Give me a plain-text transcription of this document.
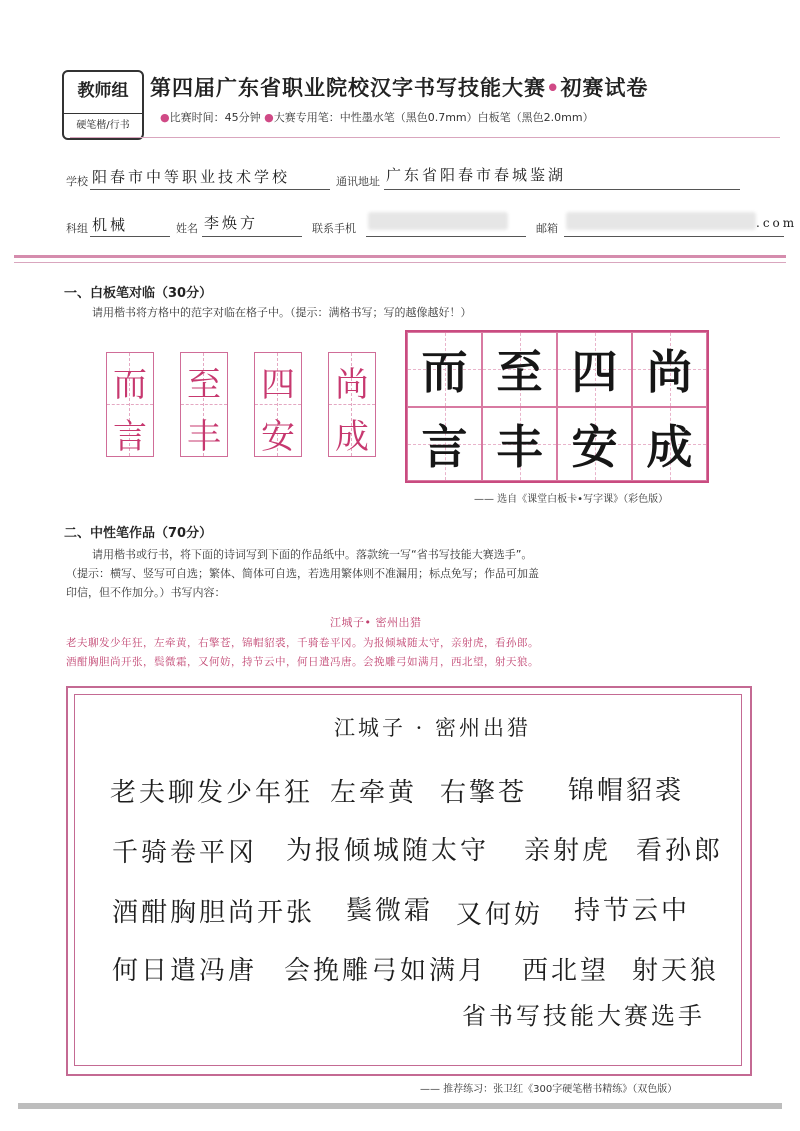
教师组
硬笔楷/行书
第四届广东省职业院校汉字书写技能大赛•初赛试卷
●比赛时间：45分钟 ●大赛专用笔：中性墨水笔（黑色0.7mm）白板笔（黑色2.0mm）
学校 阳春市中等职业技术学校	通讯地址 广东省阳春市春城鉴湖
科组 机械	姓名 李焕方	联系手机	邮箱	.com
一、白板笔对临（30分）
请用楷书将方格中的范字对临在格子中。（提示：满格书写；写的越像越好！）
而
言
至
丰
四
安
尚
成
而 至 四 尚
言 丰 安 成
—— 选自《课堂白板卡•写字课》（彩色版）
二、中性笔作品（70分）
请用楷书或行书，将下面的诗词写到下面的作品纸中。落款统一写“省书写技能大赛选手”。
（提示：横写、竖写可自选；繁体、简体可自选，若选用繁体则不准漏用；标点免写；作品可加盖
印信，但不作加分。）书写内容：
江城子• 密州出猎
老夫聊发少年狂，左牵黄，右擎苍，锦帽貂裘，千骑卷平冈。为报倾城随太守，亲射虎，看孙郎。
酒酣胸胆尚开张，鬓微霜，又何妨，持节云中，何日遣冯唐。会挽雕弓如满月，西北望，射天狼。
江城子 · 密州出猎
老夫聊发少年狂 左牵黄 右擎苍 锦帽貂裘
千骑卷平冈 为报倾城随太守 亲射虎 看孙郎
酒酣胸胆尚开张 鬓微霜 又何妨 持节云中
何日遣冯唐 会挽雕弓如满月 西北望 射天狼
省书写技能大赛选手
—— 推荐练习：张卫红《300字硬笔楷书精练》（双色版）
